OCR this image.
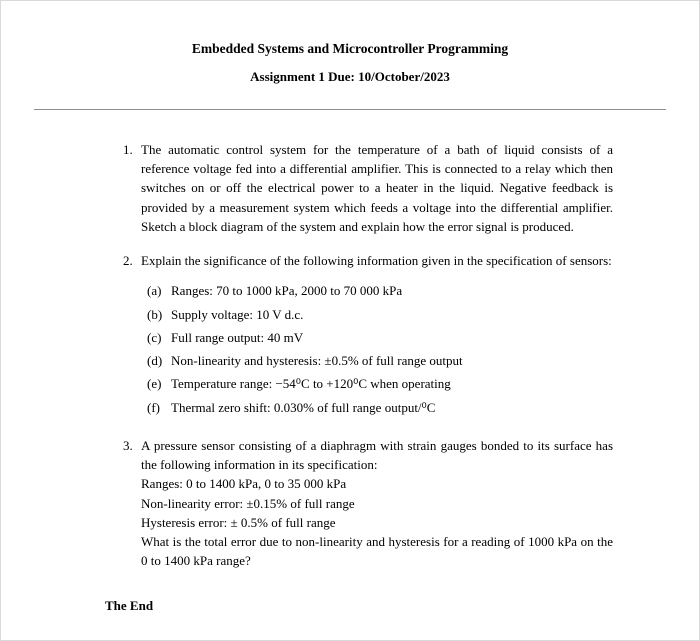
Embedded Systems and Microcontroller Programming
Assignment 1 Due: 10/October/2023
1. The automatic control system for the temperature of a bath of liquid consists of a reference voltage fed into a differential amplifier. This is connected to a relay which then switches on or off the electrical power to a heater in the liquid. Negative feedback is provided by a measurement system which feeds a voltage into the differential amplifier. Sketch a block diagram of the system and explain how the error signal is produced.
2. Explain the significance of the following information given in the specification of sensors:
(a) Ranges: 70 to 1000 kPa, 2000 to 70 000 kPa
(b) Supply voltage: 10 V d.c.
(c) Full range output: 40 mV
(d) Non-linearity and hysteresis: ±0.5% of full range output
(e) Temperature range: −54⁰C to +120⁰C when operating
(f) Thermal zero shift: 0.030% of full range output/⁰C
3. A pressure sensor consisting of a diaphragm with strain gauges bonded to its surface has the following information in its specification:
Ranges: 0 to 1400 kPa, 0 to 35 000 kPa
Non-linearity error: ±0.15% of full range
Hysteresis error: ± 0.5% of full range
What is the total error due to non-linearity and hysteresis for a reading of 1000 kPa on the 0 to 1400 kPa range?
The End
